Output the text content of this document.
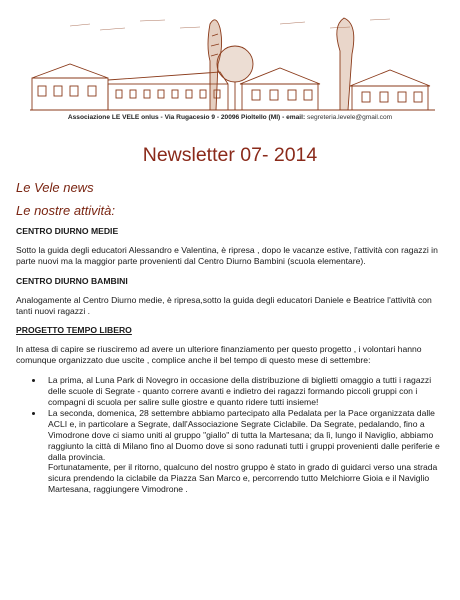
Associazione LE VELE onlus - Via Rugacesio 9 - 20096 Pioltello (MI) - email: segreteria.levele@gmail.com
Newsletter 07- 2014
Le Vele news
Le nostre attività:
CENTRO DIURNO MEDIE

Sotto la guida degli educatori Alessandro e Valentina, è ripresa , dopo le vacanze estive, l'attività con ragazzi in parte nuovi ma la maggior parte provenienti dal Centro Diurno Bambini (scuola elementare).

CENTRO DIURNO BAMBINI

Analogamente al Centro Diurno medie, è ripresa,sotto la guida degli educatori Daniele e Beatrice l'attività con tanti nuovi ragazzi .

PROGETTO TEMPO LIBERO

In attesa di capire se riusciremo ad avere un ulteriore finanziamento per questo progetto , i volontari hanno comunque organizzato due uscite , complice anche il bel tempo di questo mese di settembre:

• La prima, al Luna Park di Novegro in occasione della distribuzione di biglietti omaggio a tutti i ragazzi delle scuole di Segrate - quanto correre avanti e indietro dei ragazzi formando piccoli gruppi con i compagni di scuola per salire sulle giostre e quanto ridere tutti insieme!

• La seconda, domenica, 28 settembre abbiamo partecipato alla Pedalata per la Pace organizzata dalle ACLI e, in particolare a Segrate, dall'Associazione Segrate Ciclabile. Da Segrate, pedalando, fino a Vimodrone dove ci siamo uniti al gruppo "giallo" di tutta la Martesana; da lì, lungo il Naviglio, abbiamo raggiunto la città di Milano fino al Duomo dove si sono radunati tutti i gruppi provenienti dalle periferie e dalla provincia.

Fortunatamente, per il ritorno, qualcuno del nostro gruppo è stato in grado di guidarci verso una strada sicura prendendo la ciclabile da Piazza San Marco e, percorrendo tutto Melchiorre Gioia e il Naviglio Martesana, raggiungere Vimodrone .
